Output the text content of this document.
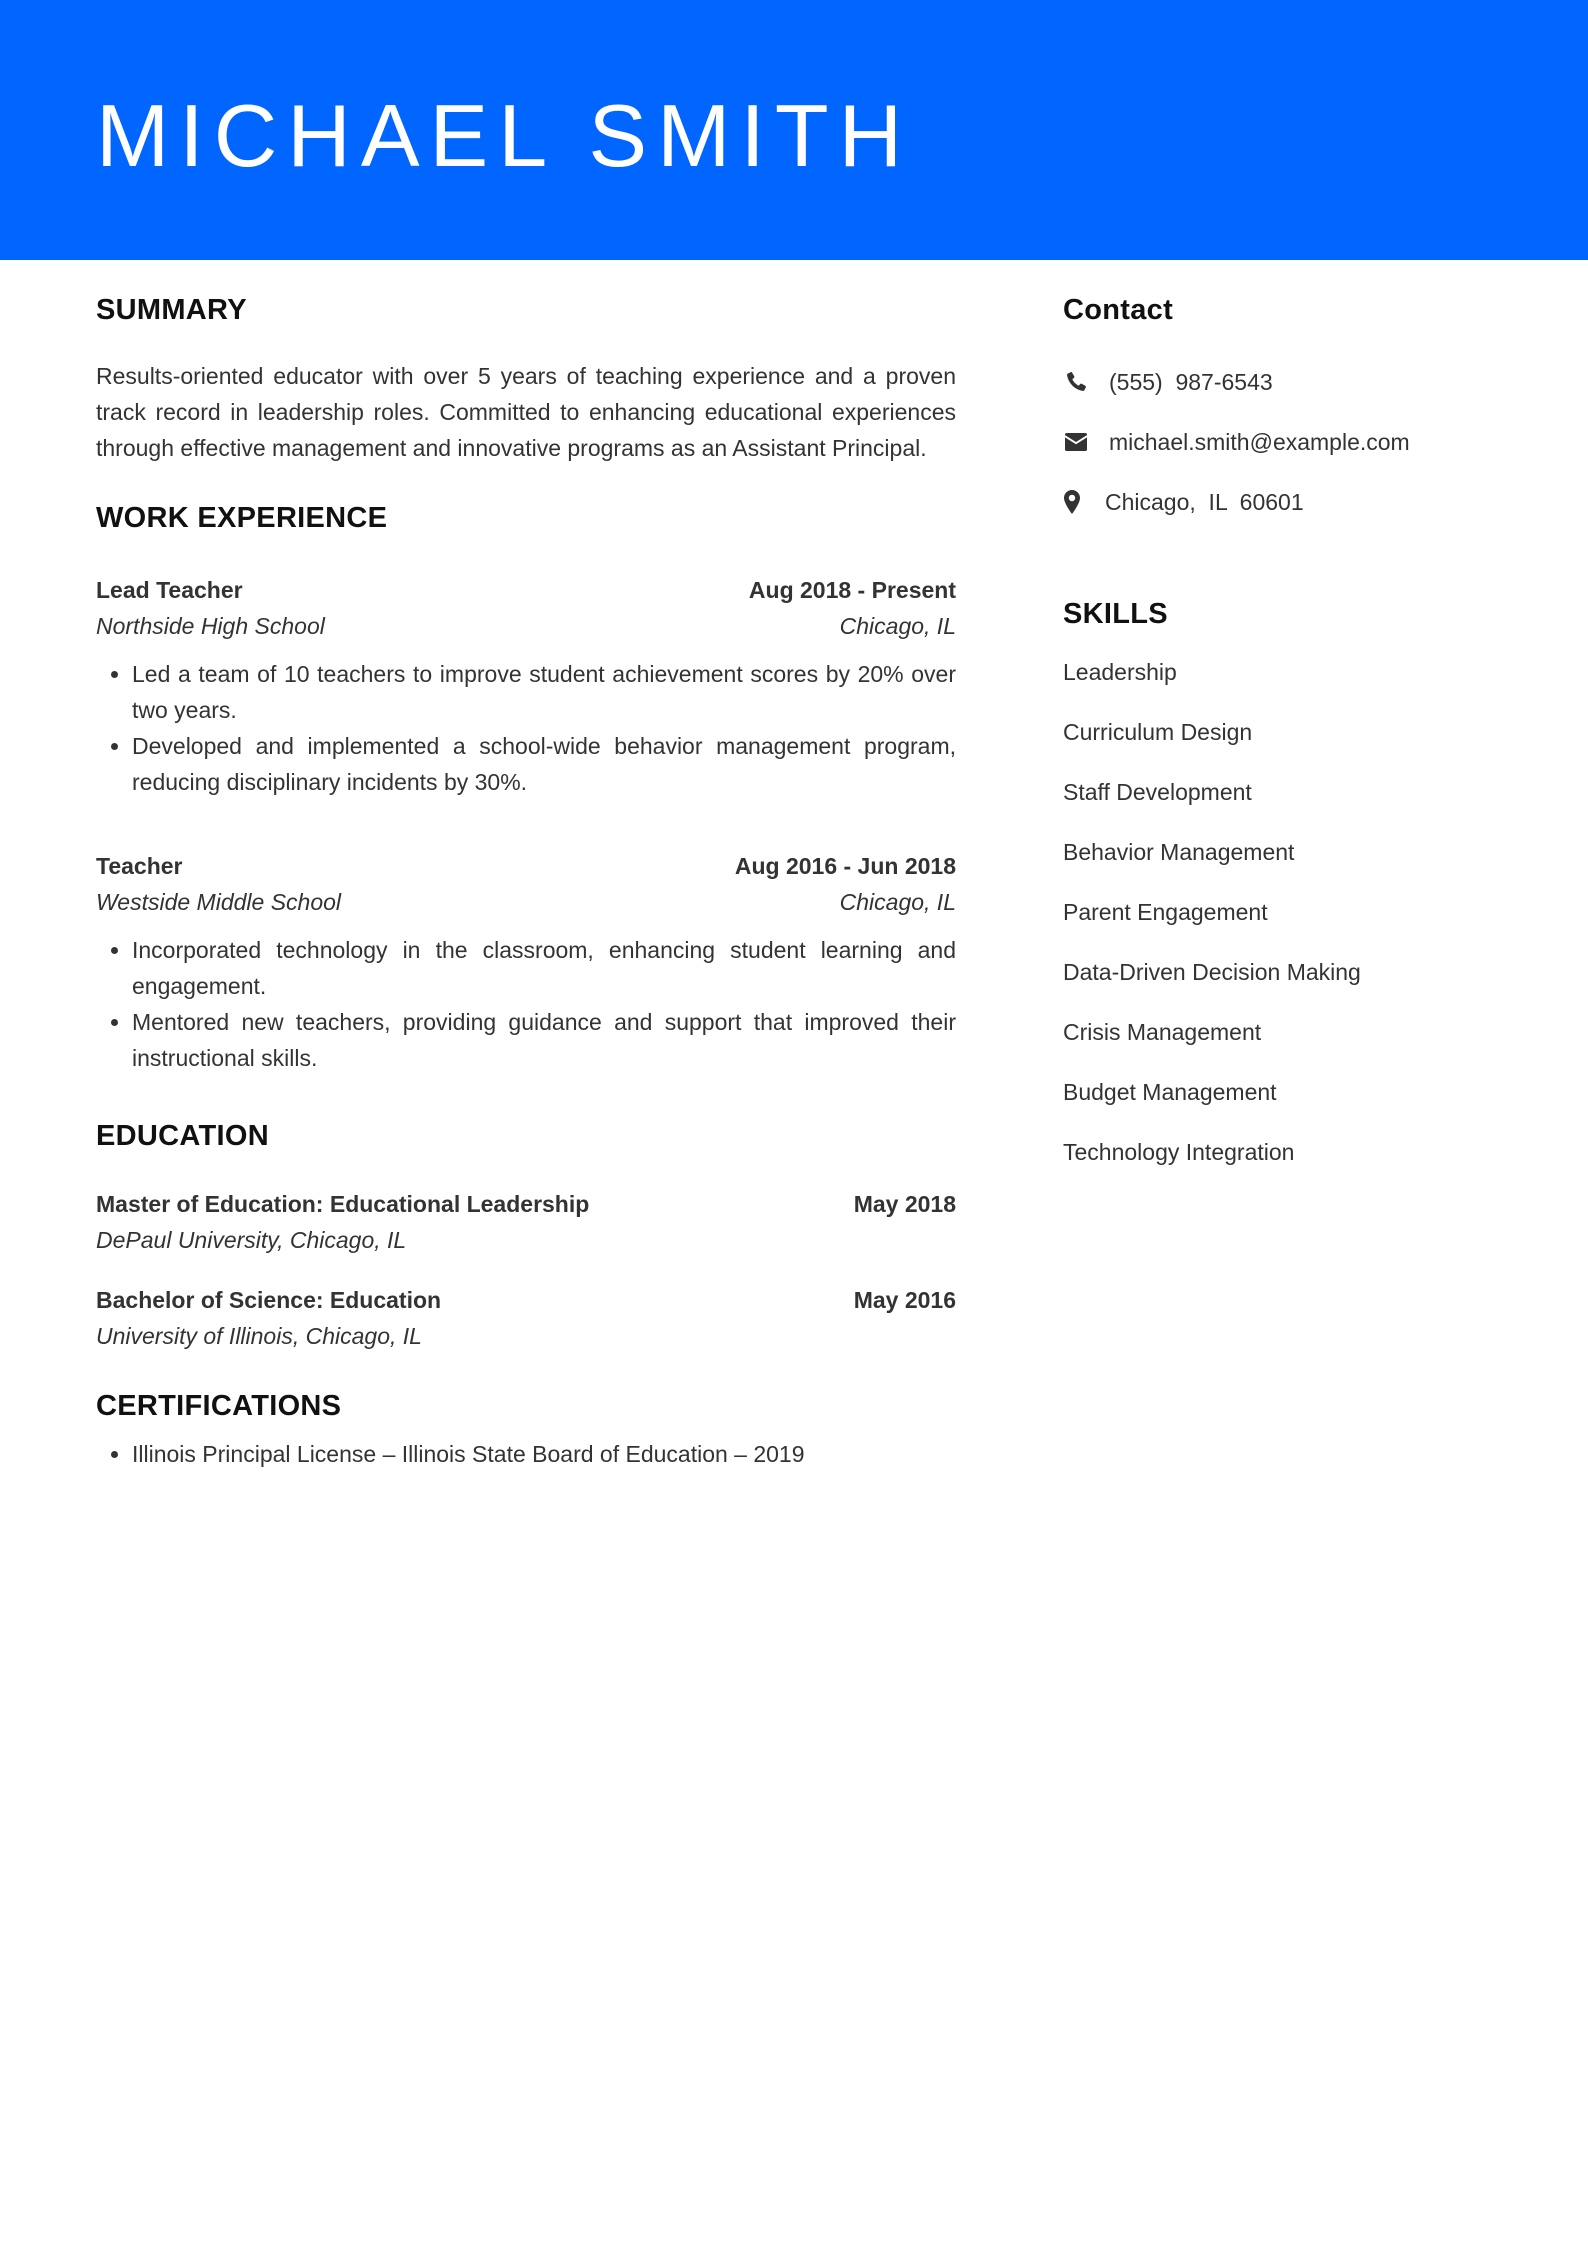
MICHAEL SMITH
SUMMARY

Results-oriented educator with over 5 years of teaching experience and a proven track record in leadership roles. Committed to enhancing educational experiences through effective management and innovative programs as an Assistant Principal.

WORK EXPERIENCE
Lead Teacher	Aug 2018 - Present
Northside High School	Chicago, IL
• Led a team of 10 teachers to improve student achievement scores by 20% over two years.
• Developed and implemented a school-wide behavior management program, reducing disciplinary incidents by 30%.
Teacher	Aug 2016 - Jun 2018
Westside Middle School	Chicago, IL
• Incorporated technology in the classroom, enhancing student learning and engagement.
• Mentored new teachers, providing guidance and support that improved their instructional skills.
EDUCATION
Master of Education: Educational Leadership	May 2018
DePaul University, Chicago, IL
Bachelor of Science: Education	May 2016
University of Illinois, Chicago, IL
CERTIFICATIONS
• Illinois Principal License – Illinois State Board of Education – 2019
Contact
(555)  987-6543
michael.smith@example.com
Chicago,  IL  60601
SKILLS
Leadership
Curriculum Design
Staff Development
Behavior Management
Parent Engagement
Data-Driven Decision Making
Crisis Management
Budget Management
Technology Integration
